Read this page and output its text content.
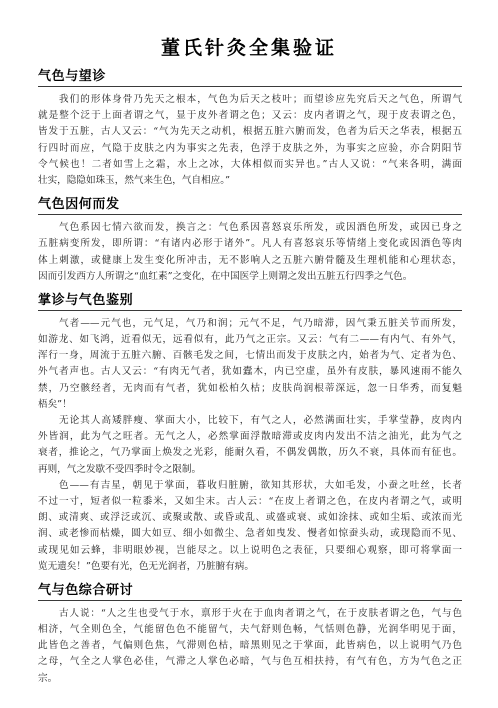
董氏针灸全集验证
气色与望诊
我们的形体身骨乃先天之根本，气色为后天之枝叶；而望诊应先究后天之气色，所谓气
就是整个泛于上面者谓之气，显于皮外者谓之色；又云：皮内者谓之气，现于皮表谓之色，
皆发于五脏，古人又云：“气为先天之动机，根据五脏六腑而发，色者为后天之华表，根据五
行四时而应，气隐于皮肤之内为事实之先表，色浮于皮肤之外，为事实之应验，亦合阴阳节
令气候也！二者如雪上之霜，水上之冰，大体相似而实异也。”古人又说：“气来各明，满面
壮实，隐隐如珠玉，然气来生色，气自相应。”
气色因何而发
气色系因七情六欲而发，换言之：气色系因喜怒哀乐所发，或因酒色所发，或因已身之
五脏病变所发，即所谓：“有诸内必形于诸外”。凡人有喜怒哀乐等情绪上变化或因酒色等肉
体上刺激，或健康上发生变化所冲击，无不影响人之五脏六腑骨髓及生理机能和心理状态，
因而引发西方人所谓之“血红素”之变化，在中国医学上则谓之发出五脏五行四季之气色。
掌诊与气色鉴别
气者——元气也，元气足，气乃和润；元气不足，气乃暗滞，因气秉五脏关节而所发，
如游龙、如飞鸿，近看似无，远看似有，此乃气之正宗。又云：气有二——有内气、有外气，
浑行一身，周流于五脏六腑、百骸毛发之间，七情出而发于皮肤之内，始者为气、定者为色、
外气者声也。古人又云：“有肉无气者，犹如蠹木，内已空虚，虽外有皮肤，暴风速雨不能久
禁，乃空骸经者，无肉而有气者，犹如松柏久枯；皮肤尚润根蒂深远，忽一日华秀，而复魁
梧矣”！
无论其人高矮胖瘦、掌面大小，比较下，有气之人，必然满面壮实，手掌莹静，皮肉内
外皆润，此为气之旺者。无气之人，必然掌面浮散暗滞或皮肉内发出不洁之油光，此为气之
衰者，推论之，气乃掌面上焕发之光彩，能耐久看，不偶发偶散，历久不衰，具体而有征也。
再则，气之发歇不受四季时令之限制。
色——有吉星，朝见于掌面，暮收归脏腑，欲知其形状，大如毛发，小蚕之吐丝，长者
不过一寸，短者似一粒黍米，又如尘末。古人云：“在皮上者谓之色，在皮内者谓之气，或明
朗、或清爽、或浮泛或沉、或聚或散、或昏或乱、或盛或衰、或如涂抹、或如尘垢、或浓而光
润、或老惨而枯燥，圆大如豆、细小如微尘、急者如曳发、慢者如惊蚕头动，或现隐而不见、
或现见如云蜂，非明眼妙视，岂能尽之。以上说明色之表征，只要细心观察，即可将掌面一
览无遗矣！”色要有光，色无光润者，乃脏腑有病。
气与色综合研讨
古人说：“人之生也受气于水，禀形于火在于血肉者谓之气，在于皮肤者谓之色，气与色
相济，气全则色全，气能留色色不能留气，夫气舒则色畅，气恬则色静，光润华明见于面，
此皆色之善者，气偏则色焦，气滞则色枯，暗黑则见之于掌面，此皆病色，以上说明气乃色
之母，气全之人掌色必佳，气滞之人掌色必暗，气与色互相扶持，有气有色，方为气色之正
宗。
